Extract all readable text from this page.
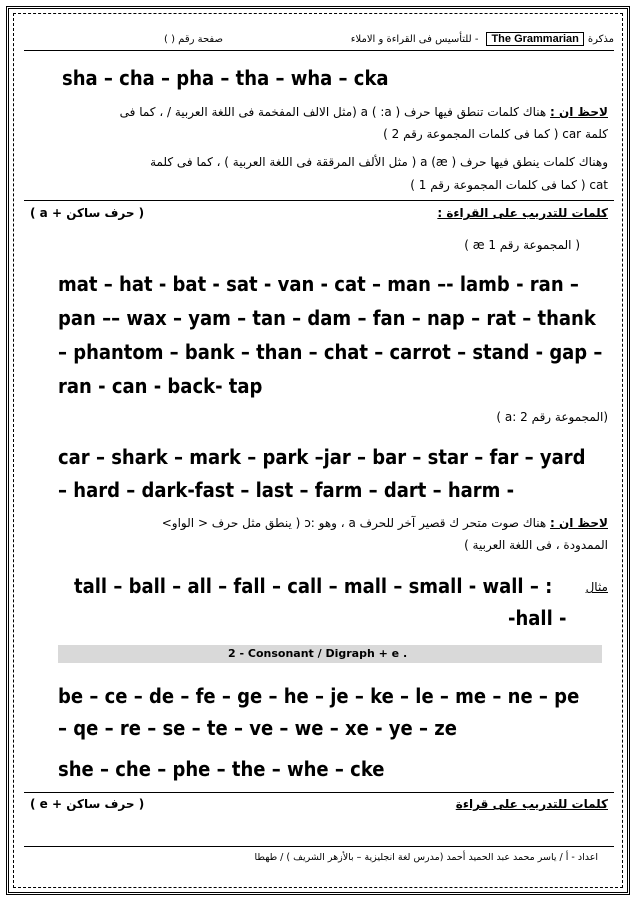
مذكرة
The Grammarian
- للتأسيس فى القراءة و الاملاء
صفحة رقم ( )
sha – cha – pha – tha – wha – cka
لاحظ ان : هناك كلمات تنطق فيها حرف a ( :a ) (مثل الالف المفخمة فى اللغة العربية / ، كما فى
كلمة car ( كما فى كلمات المجموعة رقم 2 )
وهناك كلمات ينطق فيها حرف a (æ ) ( مثل الألف المرققة فى اللغة العربية ) ، كما فى كلمة
cat ( كما فى كلمات المجموعة رقم 1 )
كلمات للتدريب على القراءة :
( حرف ساكن + a )
( المجموعة رقم 1 æ )
mat – hat - bat - sat - van - cat – man –- lamb - ran –
pan –– wax – yam – tan – dam – fan – nap – rat – thank
– phantom – bank – than – chat – carrot – stand - gap –
ran - can - back- tap
(المجموعة رقم 2 :a )
car – shark – mark – park –jar – bar – star – far – yard
– hard – dark-fast – last – farm – dart – harm -
لاحظ ان : هناك صوت متحر ك قصير آخر للحرف a ، وهو :ɔ ( ينطق مثل حرف < الواو>
الممدودة ، فى اللغة العربية )
مثال
tall – ball – all – fall – call – mall – small - wall – :
-hall -
2 - Consonant / Digraph + e .
be – ce – de – fe – ge – he – je – ke – le – me – ne – pe
– qe – re – se – te – ve – we – xe - ye – ze
she – che – phe – the – whe – cke
كلمات للتدريب على قراءة
( حرف ساكن + e )
اعداد - أ / ياسر محمد عبد الحميد أحمد (مدرس لغة انجليزية – بالأزهر الشريف ) / طهطا
